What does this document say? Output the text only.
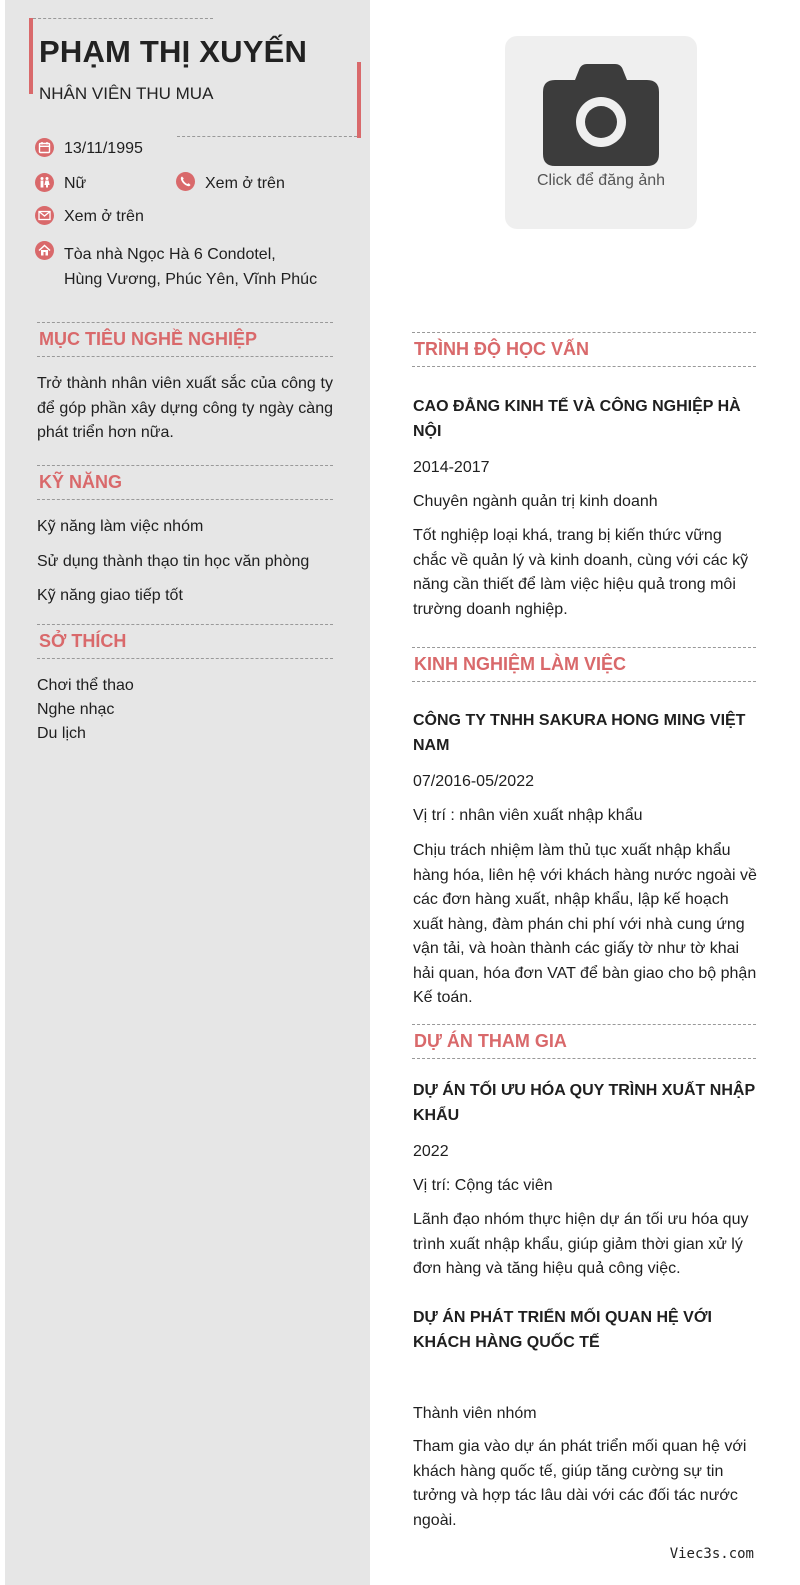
PHẠM THỊ XUYẾN

NHÂN VIÊN THU MUA

13/11/1995
Nữ	Xem ở trên
Xem ở trên
Tòa nhà Ngọc Hà 6 Condotel,
Hùng Vương, Phúc Yên, Vĩnh Phúc
MỤC TIÊU NGHỀ NGHIỆP
Trở thành nhân viên xuất sắc của công ty để góp phần xây dựng công ty ngày càng phát triển hơn nữa.
KỸ NĂNG
Kỹ năng làm việc nhóm
Sử dụng thành thạo tin học văn phòng
Kỹ năng giao tiếp tốt
SỞ THÍCH
Chơi thể thao
Nghe nhạc
Du lịch
Click để đăng ảnh
TRÌNH ĐỘ HỌC VẤN
CAO ĐẲNG KINH TẾ VÀ CÔNG NGHIỆP HÀ
NỘI
2014-2017
Chuyên ngành quản trị kinh doanh
Tốt nghiệp loại khá, trang bị kiến thức vững chắc về quản lý và kinh doanh, cùng với các kỹ năng cần thiết để làm việc hiệu quả trong môi trường doanh nghiệp.
KINH NGHIỆM LÀM VIỆC
CÔNG TY TNHH SAKURA HONG MING VIỆT
NAM
07/2016-05/2022
Vị trí : nhân viên xuất nhập khẩu
Chịu trách nhiệm làm thủ tục xuất nhập khẩu hàng hóa, liên hệ với khách hàng nước ngoài về các đơn hàng xuất, nhập khẩu, lập kế hoạch xuất hàng, đàm phán chi phí với nhà cung ứng vận tải, và hoàn thành các giấy tờ như tờ khai hải quan, hóa đơn VAT để bàn giao cho bộ phận Kế toán.
DỰ ÁN THAM GIA
DỰ ÁN TỐI ƯU HÓA QUY TRÌNH XUẤT NHẬP
KHẨU
2022
Vị trí: Cộng tác viên
Lãnh đạo nhóm thực hiện dự án tối ưu hóa quy trình xuất nhập khẩu, giúp giảm thời gian xử lý đơn hàng và tăng hiệu quả công việc.
DỰ ÁN PHÁT TRIỂN MỐI QUAN HỆ VỚI
KHÁCH HÀNG QUỐC TẾ
Thành viên nhóm
Tham gia vào dự án phát triển mối quan hệ với khách hàng quốc tế, giúp tăng cường sự tin tưởng và hợp tác lâu dài với các đối tác nước ngoài.
Viec3s.com
